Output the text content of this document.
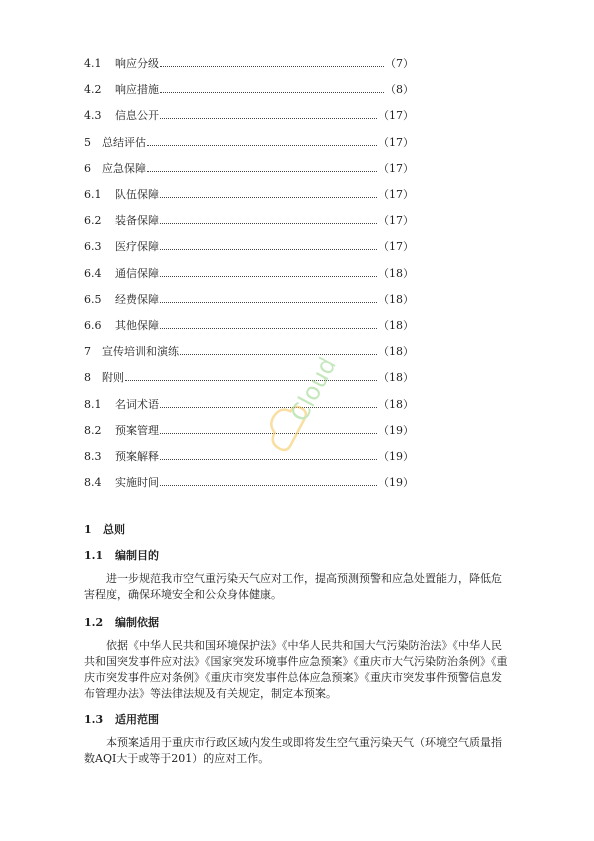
4.1	响应分级	（7）
4.2	响应措施	（8）
4.3	信息公开	（17）
5	总结评估	（17）
6	应急保障	（17）
6.1	队伍保障	（17）
6.2	装备保障	（17）
6.3	医疗保障	（17）
6.4	通信保障	（18）
6.5	经费保障	（18）
6.6	其他保障	（18）
7	宣传培训和演练	（18）
8	附则	（18）
8.1	名词术语	（18）
8.2	预案管理	（19）
8.3	预案解释	（19）
8.4	实施时间	（19）
1 总则
1.1 编制目的
进一步规范我市空气重污染天气应对工作，提高预测预警和应急处置能力，降低危害程度，确保环境安全和公众身体健康。
1.2 编制依据
依据《中华人民共和国环境保护法》《中华人民共和国大气污染防治法》《中华人民共和国突发事件应对法》《国家突发环境事件应急预案》《重庆市大气污染防治条例》《重庆市突发事件应对条例》《重庆市突发事件总体应急预案》《重庆市突发事件预警信息发布管理办法》等法律法规及有关规定，制定本预案。
1.3 适用范围
本预案适用于重庆市行政区域内发生或即将发生空气重污染天气（环境空气质量指数AQI大于或等于201）的应对工作。
Cloud
